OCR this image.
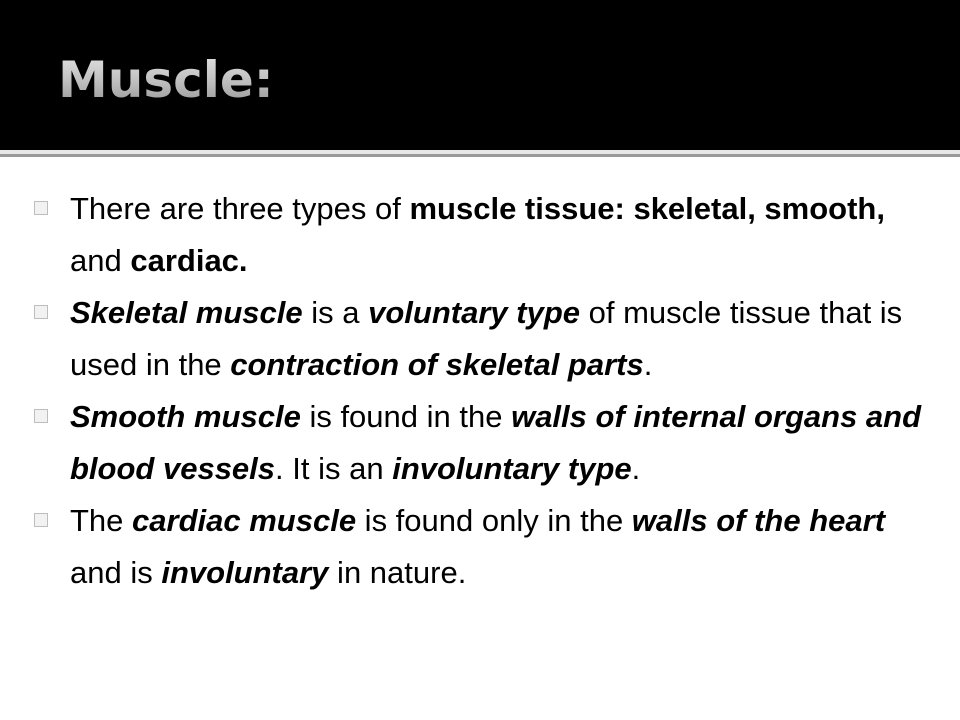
Muscle:
There are three types of muscle tissue: skeletal, smooth, and cardiac.
Skeletal muscle is a voluntary type of muscle tissue that is used in the contraction of skeletal parts.
Smooth muscle is found in the walls of internal organs and blood vessels. It is an involuntary type.
The cardiac muscle is found only in the walls of the heart and is involuntary in nature.
